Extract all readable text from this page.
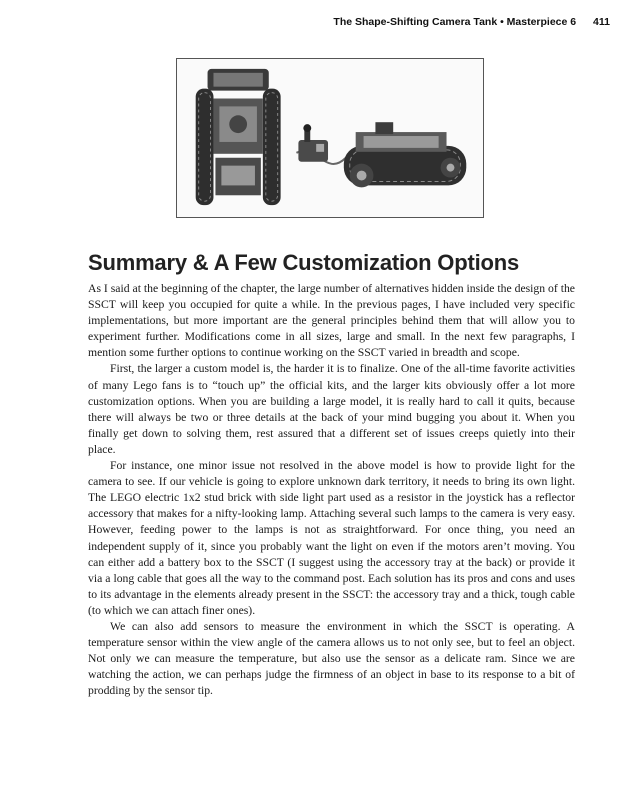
The Shape-Shifting Camera Tank • Masterpiece 6 411
Summary & A Few Customization Options

As I said at the beginning of the chapter, the large number of alternatives hidden inside the design of the SSCT will keep you occupied for quite a while. In the previous pages, I have included very specific implementations, but more important are the general principles behind them that will allow you to experiment further. Modifications come in all sizes, large and small. In the next few paragraphs, I mention some further options to continue working on the SSCT varied in breadth and scope.

First, the larger a custom model is, the harder it is to finalize. One of the all-time favorite activities of many Lego fans is to “touch up” the official kits, and the larger kits obviously offer a lot more customization options. When you are building a large model, it is really hard to call it quits, because there will always be two or three details at the back of your mind bugging you about it. When you finally get down to solving them, rest assured that a different set of issues creeps quietly into their place.

For instance, one minor issue not resolved in the above model is how to provide light for the camera to see. If our vehicle is going to explore unknown dark territory, it needs to bring its own light. The LEGO electric 1x2 stud brick with side light part used as a resistor in the joystick has a reflector accessory that makes for a nifty-looking lamp. Attaching several such lamps to the camera is very easy. However, feeding power to the lamps is not as straightforward. For once thing, you need an independent supply of it, since you probably want the light on even if the motors aren’t moving. You can either add a battery box to the SSCT (I suggest using the accessory tray at the back) or provide it via a long cable that goes all the way to the command post. Each solution has its pros and cons and uses to its advantage in the elements already present in the SSCT: the accessory tray and a thick, tough cable (to which we can attach finer ones).

We can also add sensors to measure the environment in which the SSCT is operating. A temperature sensor within the view angle of the camera allows us to not only see, but to feel an object. Not only we can measure the temperature, but also use the sensor as a delicate ram. Since we are watching the action, we can perhaps judge the firmness of an object in base to its response to a bit of prodding by the sensor tip.
